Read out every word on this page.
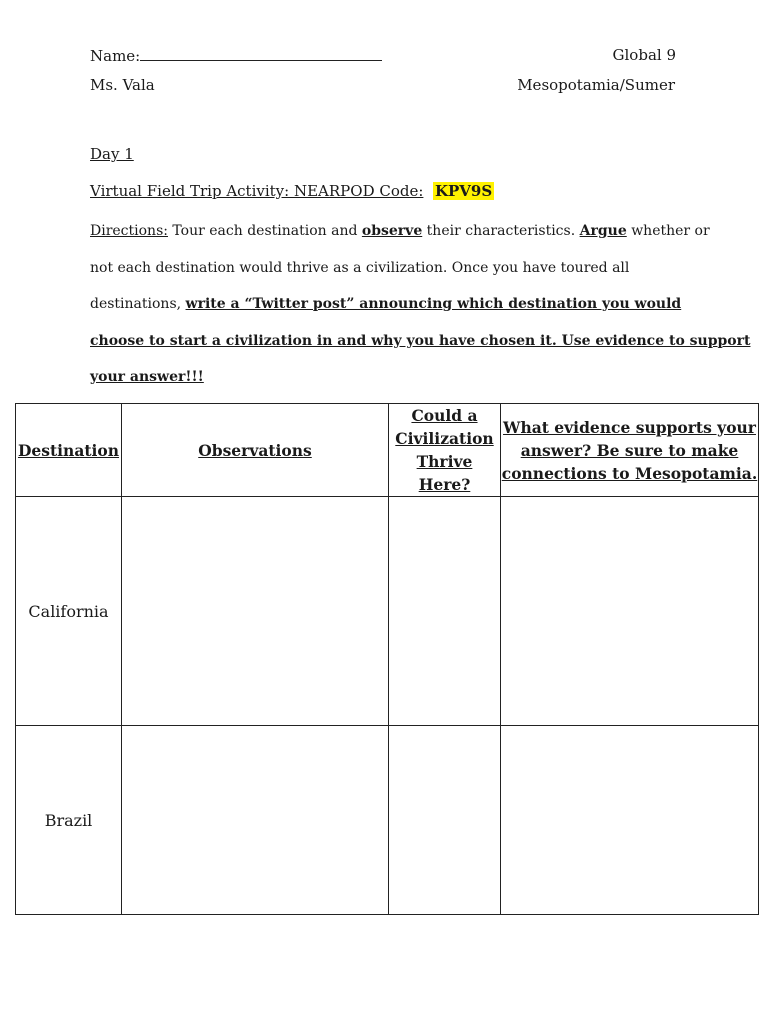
Name:	Global 9
Ms. Vala	Mesopotamia/Sumer
Day 1
Virtual Field Trip Activity: NEARPOD Code: KPV9S

Directions: Tour each destination and observe their characteristics. Argue whether or

not each destination would thrive as a civilization. Once you have toured all

destinations, write a “Twitter post” announcing which destination you would

choose to start a civilization in and why you have chosen it. Use evidence to support

your answer!!!

Destination	Observations	Could a
Civilization
Thrive Here?	What evidence supports your
answer? Be sure to make
connections to Mesopotamia.
California			
Brazil			
